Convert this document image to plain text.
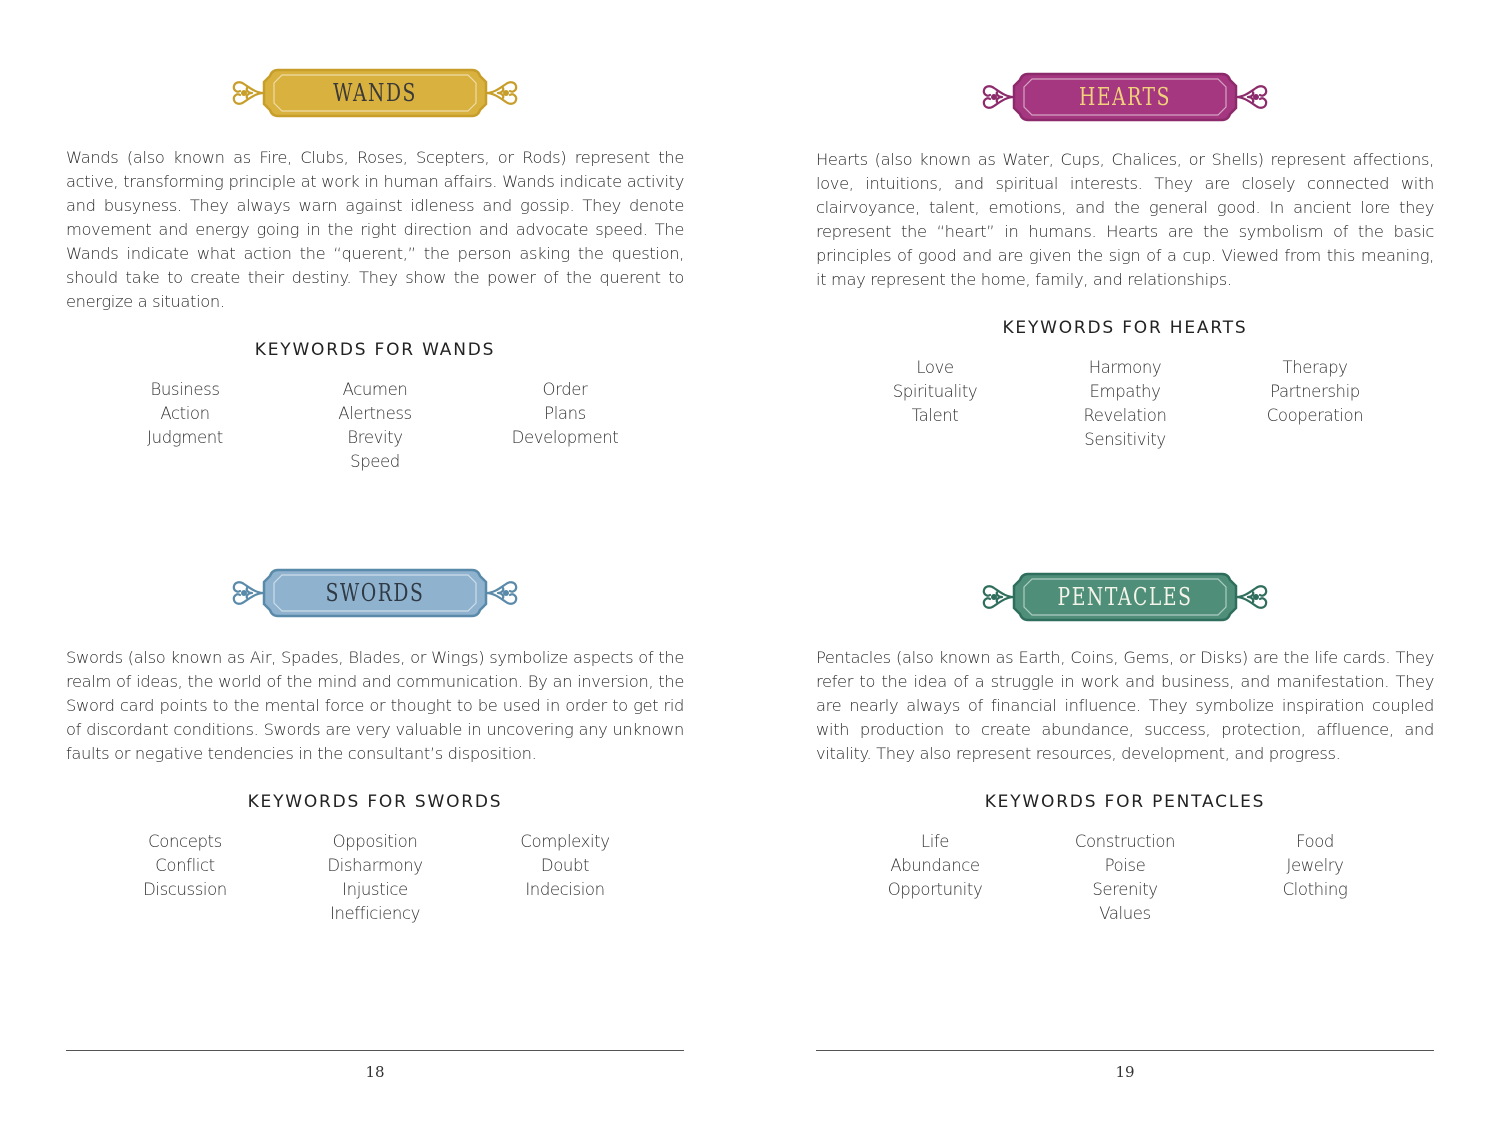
WANDS

Wands (also known as Fire, Clubs, Roses, Scepters, or Rods) represent the active, transforming principle at work in human affairs. Wands indicate activity and busyness. They always warn against idleness and gossip. They denote movement and energy going in the right direction and advocate speed. The Wands indicate what action the “querent,” the person asking the question, should take to create their destiny. They show the power of the querent to energize a situation.

KEYWORDS FOR WANDS
Business
Action
Judgment
Acumen
Alertness
Brevity
Speed
Order
Plans
Development
HEARTS

Hearts (also known as Water, Cups, Chalices, or Shells) represent affections, love, intuitions, and spiritual interests. They are closely connected with clairvoyance, talent, emotions, and the general good. In ancient lore they represent the “heart” in humans. Hearts are the symbolism of the basic principles of good and are given the sign of a cup. Viewed from this meaning, it may represent the home, family, and relationships.

KEYWORDS FOR HEARTS
Love
Spirituality
Talent
Harmony
Empathy
Revelation
Sensitivity
Therapy
Partnership
Cooperation
SWORDS

Swords (also known as Air, Spades, Blades, or Wings) symbolize aspects of the realm of ideas, the world of the mind and communication. By an inversion, the Sword card points to the mental force or thought to be used in order to get rid of discordant conditions. Swords are very valuable in uncovering any unknown faults or negative tendencies in the consultant’s disposition.

KEYWORDS FOR SWORDS
Concepts
Conflict
Discussion
Opposition
Disharmony
Injustice
Inefficiency
Complexity
Doubt
Indecision
PENTACLES

Pentacles (also known as Earth, Coins, Gems, or Disks) are the life cards. They refer to the idea of a struggle in work and business, and manifestation. They are nearly always of financial influence. They symbolize inspiration coupled with production to create abundance, success, protection, affluence, and vitality. They also represent resources, development, and progress.

KEYWORDS FOR PENTACLES
Life
Abundance
Opportunity
Construction
Poise
Serenity
Values
Food
Jewelry
Clothing
18	19
